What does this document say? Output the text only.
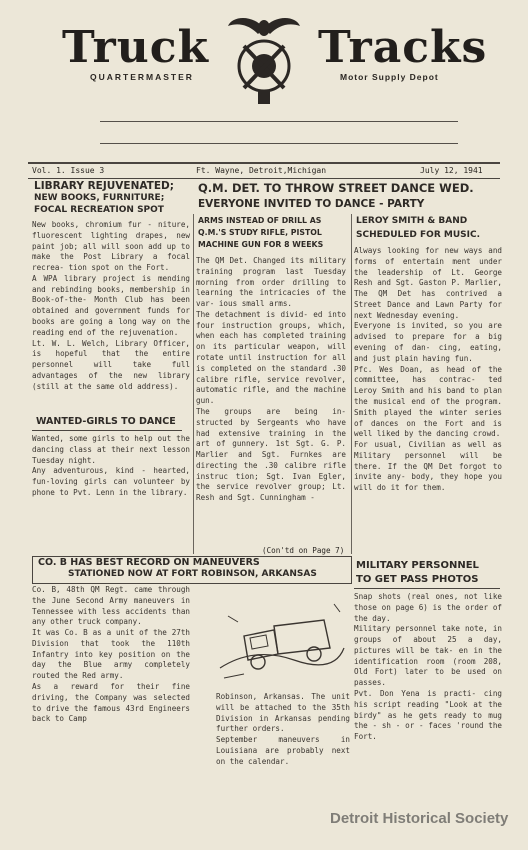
Truck Tracks
QUARTERMASTER	Motor Supply Depot
Vol. 1. Issue 3	Ft. Wayne, Detroit,Michigan	July 12, 1941
LIBRARY REJUVENATED;
NEW BOOKS, FURNITURE;
FOCAL RECREATION SPOT
New books, chromium fur - niture, fluorescent lighting drapes, new paint job; all will soon add up to make the Post Library a focal recrea- tion spot on the Fort.
A WPA library project is mending and rebinding books, membership in Book-of-the- Month Club has been obtained and government funds for books are going a long way on the reading end of the rejuvenation.
Lt. W. L. Welch, Library Officer, is hopeful that the entire personnel will take full advantages of the new library (still at the same old address).
WANTED-GIRLS TO DANCE
Wanted, some girls to help out the dancing class at their next lesson Tuesday night.
Any adventurous, kind - hearted, fun-loving girls can volunteer by phone to Pvt. Lenn in the library.
Q.M. DET. TO THROW STREET DANCE WED.
EVERYONE INVITED TO DANCE - PARTY
ARMS INSTEAD OF DRILL AS
Q.M.'S STUDY RIFLE, PISTOL
MACHINE GUN FOR 8 WEEKS
The QM Det. Changed its military training program last Tuesday morning from order drilling to learning the intricacies of the var- ious small arms.
The detachment is divid- ed into four instruction groups, which, when each has completed training on its particular weapon, will rotate until instruction for all is completed on the standard .30 calibre rifle, service revolver, automatic rifle, and the machine gun.
The groups are being in- structed by Sergeants who have had extensive training in the art of gunnery. 1st Sgt. G. P. Marlier and Sgt. Furnkes are directing the .30 calibre rifle instruc tion; Sgt. Ivan Egler, the service revolver group; Lt. Resh and Sgt. Cunningham -
(Con'td on Page 7)
LEROY SMITH & BAND
SCHEDULED FOR MUSIC.
Always looking for new ways and forms of entertain ment under the leadership of Lt. George Resh and Sgt. Gaston P. Marlier, The QM Det has contrived a Street Dance and Lawn Party for next Wednesday evening.
Everyone is invited, so you are advised to prepare for a big evening of dan- cing, eating, and just plain having fun.
Pfc. Wes Doan, as head of the committee, has contrac- ted Leroy Smith and his band to plan the musical end of the program. Smith played the winter series of dances on the Fort and is well liked by the dancing crowd.
For usual, Civilian as well as Military personnel will be there. If the QM Det forgot to invite any- body, they hope you will do it for them.
CO. B HAS BEST RECORD ON MANEUVERS
STATIONED NOW AT FORT ROBINSON, ARKANSAS
Co. B, 48th QM Regt. came through the June Second Army maneuvers in Tennessee with less accidents than any other truck company.
It was Co. B as a unit of the 27th Division that took the 110th Infantry into key position on the day the Blue army completely routed the Red army.
As a reward for their fine driving, the Company was selected to drive the famous 43rd Engineers back to Camp
Robinson, Arkansas. The unit will be attached to the 35th Division in Arkansas pending further orders.
September maneuvers in Louisiana are probably next on the calendar.
MILITARY PERSONNEL
TO GET PASS PHOTOS
Snap shots (real ones, not like those on page 6) is the order of the day.
Military personnel take note, in groups of about 25 a day, pictures will be tak- en in the identification room (room 208, Old Fort) later to be used on passes.
Pvt. Don Yena is practi- cing his script reading "Look at the birdy" as he gets ready to mug the - sh - or - faces 'round the Fort.
Detroit Historical Society
